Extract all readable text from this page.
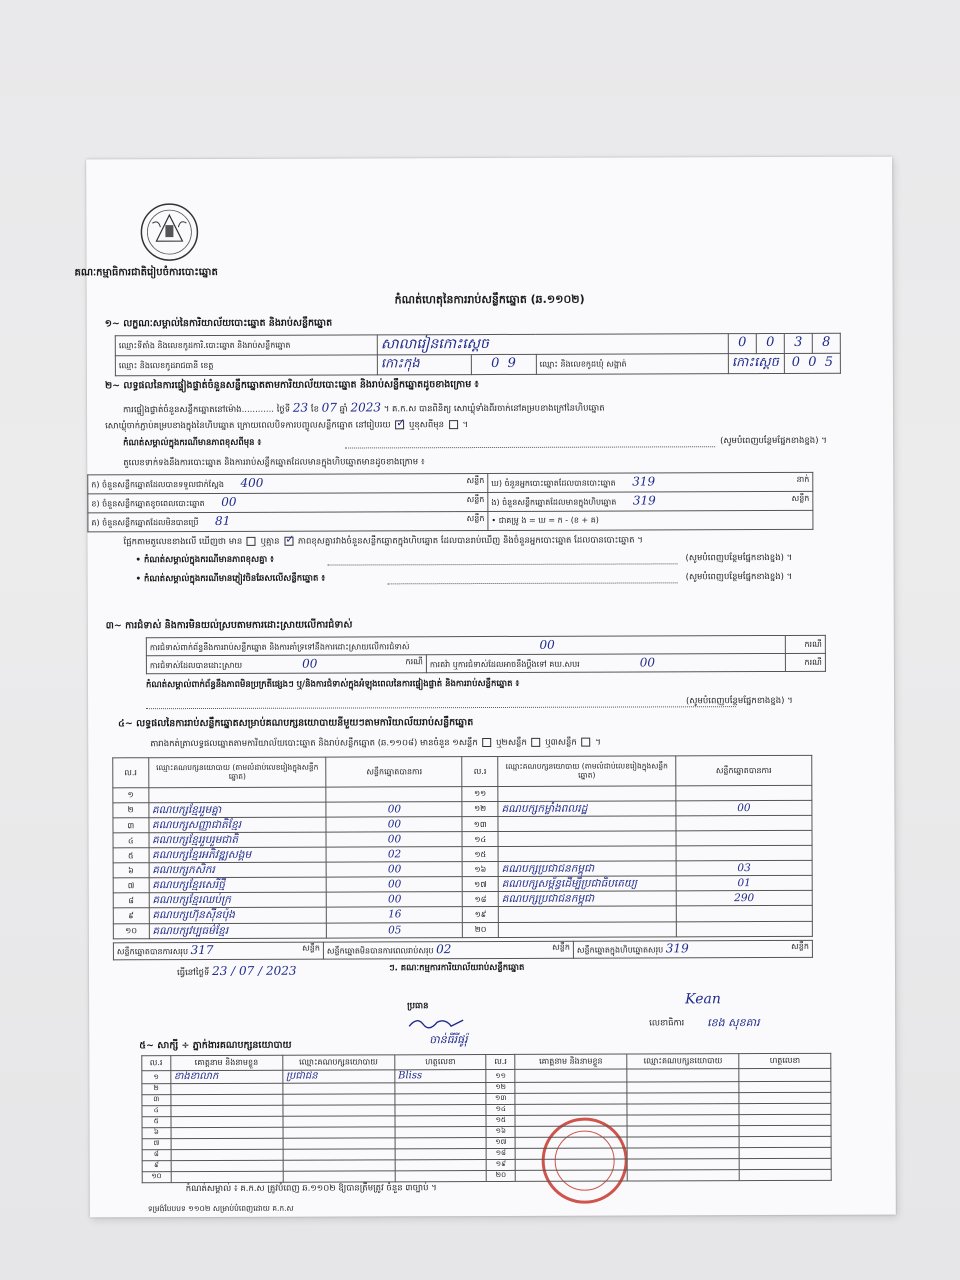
គណៈកម្មាធិការជាតិរៀបចំការបោះឆ្នោត
កំណត់ហេតុនៃការរាប់សន្លឹកឆ្នោត (ឆ.១១០២)
១~ លក្ខណៈសម្គាល់នៃការិយាល័យបោះឆ្នោត និងរាប់សន្លឹកឆ្នោត
ឈ្មោះទីតាំង និងលេខកូដការិ.បោះឆ្នោត និងរាប់សន្លឹកឆ្នោត	សាលារៀនកោះស្តេច			0	0	3	8
ឈ្មោះ និងលេខកូដរាជធានី ខេត្ត	កោះកុង	0 9	ឈ្មោះ និងលេខកូដឃុំ សង្កាត់	កោះស្តេច		0 0 5	
២~ លទ្ធផលនៃការផ្ទៀងផ្ទាត់ចំនួនសន្លឹកឆ្នោតតាមការិយាល័យបោះឆ្នោត និងរាប់សន្លឹកឆ្នោតដូចខាងក្រោម ៖
ការផ្ទៀងផ្ទាត់ចំនួនសន្លឹកឆ្នោតនៅម៉ោង............ ថ្ងៃទី 23 ខែ 07 ឆ្នាំ 2023 ។ គ.ក.ស បានពិនិត្យ សោឃ្លុំទាំងពីរចាក់នៅគម្របខាងក្រៅនៃហិបឆ្នោត
សោឃ្លុំចាក់ភ្ជាប់គម្របខាងក្នុងនៃហិបឆ្នោត ក្រោយពេលបិទការបញ្ចូលសន្លឹកឆ្នោត នៅរៀបរយ ✓ ឬខុសពីមុន  ។
កំណត់សម្គាល់ក្នុងករណីមានភាពខុសពីមុន ៖	(សូមបំពេញបន្ថែមផ្នែកខាងខ្នង) ។
តួលេខទាក់ទងនឹងការបោះឆ្នោត និងការរាប់សន្លឹកឆ្នោតដែលមានក្នុងហិបឆ្នោតមានដូចខាងក្រោម ៖
ក) ចំនួនសន្លឹកឆ្នោតដែលបានទទួលជាក់ស្តែង 400 សន្លឹក	ឃ) ចំនួនអ្នកបោះឆ្នោតដែលបានបោះឆ្នោត 319 នាក់

ខ) ចំនួនសន្លឹកឆ្នោតខូចពេលបោះឆ្នោត 00 សន្លឹក	ង) ចំនួនសន្លឹកឆ្នោតដែលមានក្នុងហិបឆ្នោត 319 សន្លឹក

គ) ចំនួនសន្លឹកឆ្នោតដែលមិនបានប្រើ 81 សន្លឹក	• ជាគម្រូ ង = ឃ = ក - (ខ + គ)
ផ្អែកតាមតួលេខខាងលើ ឃើញថា មាន ឬគ្មាន ✓ ភាពខុសគ្នារវាងចំនួនសន្លឹកឆ្នោតក្នុងហិបឆ្នោត ដែលបានរាប់ឃើញ និងចំនួនអ្នកបោះឆ្នោត ដែលបានបោះឆ្នោត ។
• កំណត់សម្គាល់ក្នុងករណីមានភាពខុសគ្នា ៖	(សូមបំពេញបន្ថែមផ្នែកខាងខ្នង) ។
• កំណត់សម្គាល់ក្នុងករណីមានភ្ញៀវចិនឆែសលើសន្លឹកឆ្នោត ៖	(សូមបំពេញបន្ថែមផ្នែកខាងខ្នង) ។
៣~ ការជំទាស់ និងការមិនយល់ស្របតាមការដោះស្រាយលើការជំទាស់
ការជំទាស់ពាក់ព័ន្ធនឹងការរាប់សន្លឹកឆ្នោត និងការគាំទ្រទៅនឹងការដោះស្រាយលើការជំទាស់ 00		ករណី
ការជំទាស់ដែលបានដោះស្រាយ 00 ករណី	ការតវ៉ា ឬការជំទាស់ដែលអាចនឹងប្តឹងទៅ គឃ.សបរ 00	ករណី
កំណត់សម្គាល់ពាក់ព័ន្ធនឹងភាពមិនប្រក្រតីផ្សេងៗ ឬ/និងការជំទាស់ក្នុងអំឡុងពេលនៃការផ្ទៀងផ្ទាត់ និងការរាប់សន្លឹកឆ្នោត ៖
(សូមបំពេញបន្ថែមផ្នែកខាងខ្នង) ។
៤~ លទ្ធផលនៃការរាប់សន្លឹកឆ្នោតសម្រាប់គណបក្សនយោបាយនីមួយៗតាមការិយាល័យរាប់សន្លឹកឆ្នោត
តារាងកត់ត្រាលទ្ធផលឆ្នោតតាមការិយាល័យបោះឆ្នោត និងរាប់សន្លឹកឆ្នោត (ឆ.១១០៨) មានចំនួន ១សន្លឹក ឬ២សន្លឹក ឬ៣សន្លឹក  ។
ល.រ	ឈ្មោះគណបក្សនយោបាយ (តាមលំដាប់លេខរៀងក្នុងសន្លឹកឆ្នោត)	សន្លឹកឆ្នោតបានការ	ល.រ	ឈ្មោះគណបក្សនយោបាយ (តាមលំដាប់លេខរៀងក្នុងសន្លឹកឆ្នោត)	សន្លឹកឆ្នោតបានការ
១			១១		
២	គណបក្សខ្មែររួមគ្នា	00	១២	គណបក្សកម្លាំងពលរដ្ឋ	00
៣	គណបក្សសញ្ញាជាតិខ្មែរ	00	១៣		
៤	គណបក្សខ្មែររួបរួមជាតិ	00	១៤		
៥	គណបក្សខ្មែរអភិវឌ្ឍសង្គម	02	១៥		
៦	គណបក្សកសិករ	00	១៦	គណបក្សប្រជាជនកម្ពុជា	03
៧	គណបក្សខ្មែរសេរីថ្មី	00	១៧	គណបក្សសម្ព័ន្ធដើម្បីប្រជាធិបតេយ្យ	01
៨	គណបក្សខ្មែរឈប់ក្រ	00	១៨	គណបក្សប្រជាជនកម្ពុជា	290
៩	គណបក្សហ៊ុនស៊ីនប៉ុង	16	១៩		
១០	គណបក្សវប្បធម៌ខ្មែរ	05	២០		
សន្លឹកឆ្នោតបានការសរុប 317	សន្លឹក	សន្លឹកឆ្នោតមិនបានការពេលរាប់សរុប 02	សន្លឹក	សន្លឹកឆ្នោតក្នុងហិបឆ្នោតសរុប 319	សន្លឹក
ធ្វើនៅថ្ងៃទី 23 / 07 / 2023	ៗ. គណៈកម្មការការិយាល័យរាប់សន្លឹកឆ្នោត
ប្រធាន
លេខាធិការ
Kean
ខេង សុខគារ
ចាន់ធីរីផូរ៉ុ
៥~ សាក្សី ÷ ភ្នាក់ងារគណបក្សនយោបាយ
ល.រ	គោត្តនាម និងនាមខ្លួន	ឈ្មោះគណបក្សនយោបាយ	ហត្ថលេខា	ល.រ	គោត្តនាម និងនាមខ្លួន	ឈ្មោះគណបក្សនយោបាយ	ហត្ថលេខា
១	ខាងខាលាក	ប្រជាជន	Bliss	១១			
២				១២			
៣				១៣			
៤				១៤			
៥				១៥			
៦				១៦			
៧				១៧			
៨				១៨			
៩				១៩			
១០				២០			
កំណត់សម្គាល់ ៖ គ.ក.ស ត្រូវបំពេញ ឆ.១១០២ ឱ្យបានត្រឹមត្រូវ ចំនួន ៣ច្បាប់ ។
ទម្រង់បែបបទ ១១០២ សម្រាប់បំពេញដោយ គ.ក.ស
